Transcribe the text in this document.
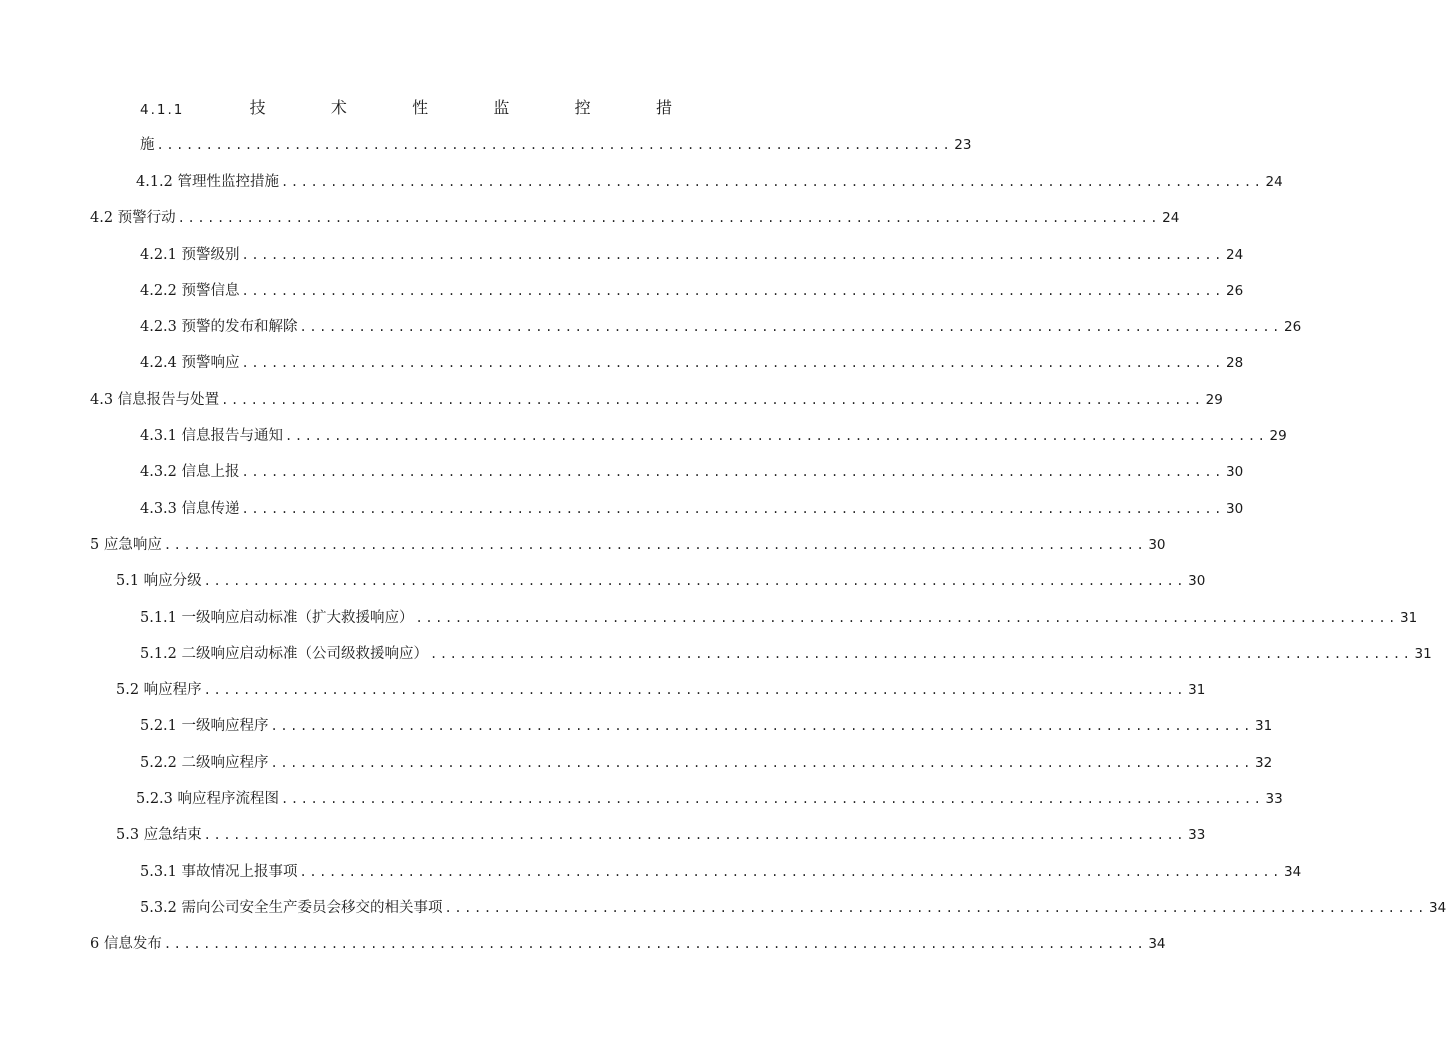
4.1.1	技	术	性	监	控	措
施 ................................................................................. 23
4.1.2 管理性监控措施 .................................................................................................... 24
4.2 预警行动 .................................................................................................... 24
4.2.1 预警级别 .................................................................................................... 24
4.2.2 预警信息 .................................................................................................... 26
4.2.3 预警的发布和解除 .................................................................................................... 26
4.2.4 预警响应 .................................................................................................... 28
4.3 信息报告与处置 .................................................................................................... 29
4.3.1 信息报告与通知 .................................................................................................... 29
4.3.2 信息上报 .................................................................................................... 30
4.3.3 信息传递 .................................................................................................... 30
5 应急响应 .................................................................................................... 30
5.1 响应分级 .................................................................................................... 30
5.1.1 一级响应启动标准（扩大救援响应） .................................................................................................... 31
5.1.2 二级响应启动标准（公司级救援响应） .................................................................................................... 31
5.2 响应程序 .................................................................................................... 31
5.2.1 一级响应程序 .................................................................................................... 31
5.2.2 二级响应程序 .................................................................................................... 32
5.2.3 响应程序流程图 .................................................................................................... 33
5.3 应急结束 .................................................................................................... 33
5.3.1 事故情况上报事项 .................................................................................................... 34
5.3.2 需向公司安全生产委员会移交的相关事项 .................................................................................................... 34
6 信息发布 .................................................................................................... 34
